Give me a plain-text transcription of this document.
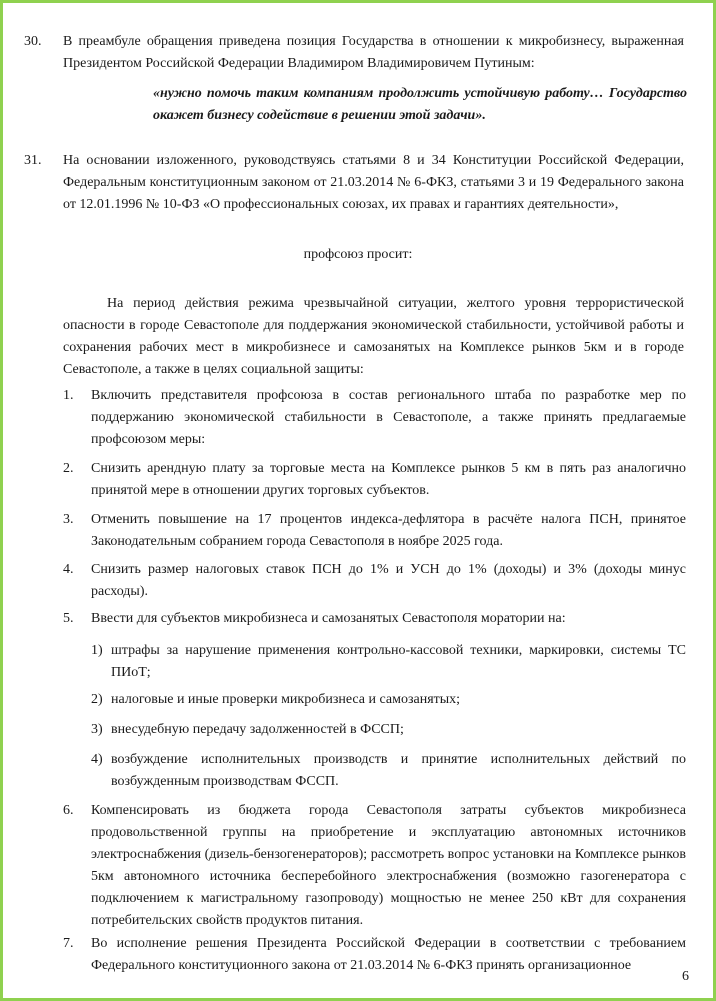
30.	В преамбуле обращения приведена позиция Государства в отношении к микробизнесу, выраженная Президентом Российской Федерации Владимиром Владимировичем Путиным:

«нужно помочь таким компаниям продолжить устойчивую работу… Государство окажет бизнесу содействие в решении этой задачи».

31.	На основании изложенного, руководствуясь статьями 8 и 34 Конституции Российской Федерации, Федеральным конституционным законом от 21.03.2014 № 6-ФКЗ, статьями 3 и 19 Федерального закона от 12.01.1996 № 10-ФЗ «О профессиональных союзах, их правах и гарантиях деятельности»,

профсоюз просит:

На период действия режима чрезвычайной ситуации, желтого уровня террористической опасности в городе Севастополе для поддержания экономической стабильности, устойчивой работы и сохранения рабочих мест в микробизнесе и самозанятых на Комплексе рынков 5км и в городе Севастополе, а также в целях социальной защиты:

1.	Включить представителя профсоюза в состав регионального штаба по разработке мер по поддержанию экономической стабильности в Севастополе, а также принять предлагаемые профсоюзом меры:

2.	Снизить арендную плату за торговые места на Комплексе рынков 5 км в пять раз аналогично принятой мере в отношении других торговых субъектов.

3.	Отменить повышение на 17 процентов индекса-дефлятора в расчёте налога ПСН, принятое Законодательным собранием города Севастополя в ноябре 2025 года.

4.	Снизить размер налоговых ставок ПСН до 1% и УСН до 1% (доходы) и 3% (доходы минус расходы).

5.	Ввести для субъектов микробизнеса и самозанятых Севастополя моратории на:

1) штрафы за нарушение применения контрольно-кассовой техники, маркировки, системы ТС ПИоТ;

2) налоговые и иные проверки микробизнеса и самозанятых;

3) внесудебную передачу задолженностей в ФССП;

4) возбуждение исполнительных производств и принятие исполнительных действий по возбужденным производствам ФССП.

6.	Компенсировать из бюджета города Севастополя затраты субъектов микробизнеса продовольственной группы на приобретение и эксплуатацию автономных источников электроснабжения (дизель-бензогенераторов); рассмотреть вопрос установки на Комплексе рынков 5км автономного источника бесперебойного электроснабжения (возможно газогенератора с подключением к магистральному газопроводу) мощностью не менее 250 кВт для сохранения потребительских свойств продуктов питания.

7.	Во исполнение решения Президента Российской Федерации в соответствии с требованием Федерального конституционного закона от 21.03.2014 № 6-ФКЗ принять организационное

6
